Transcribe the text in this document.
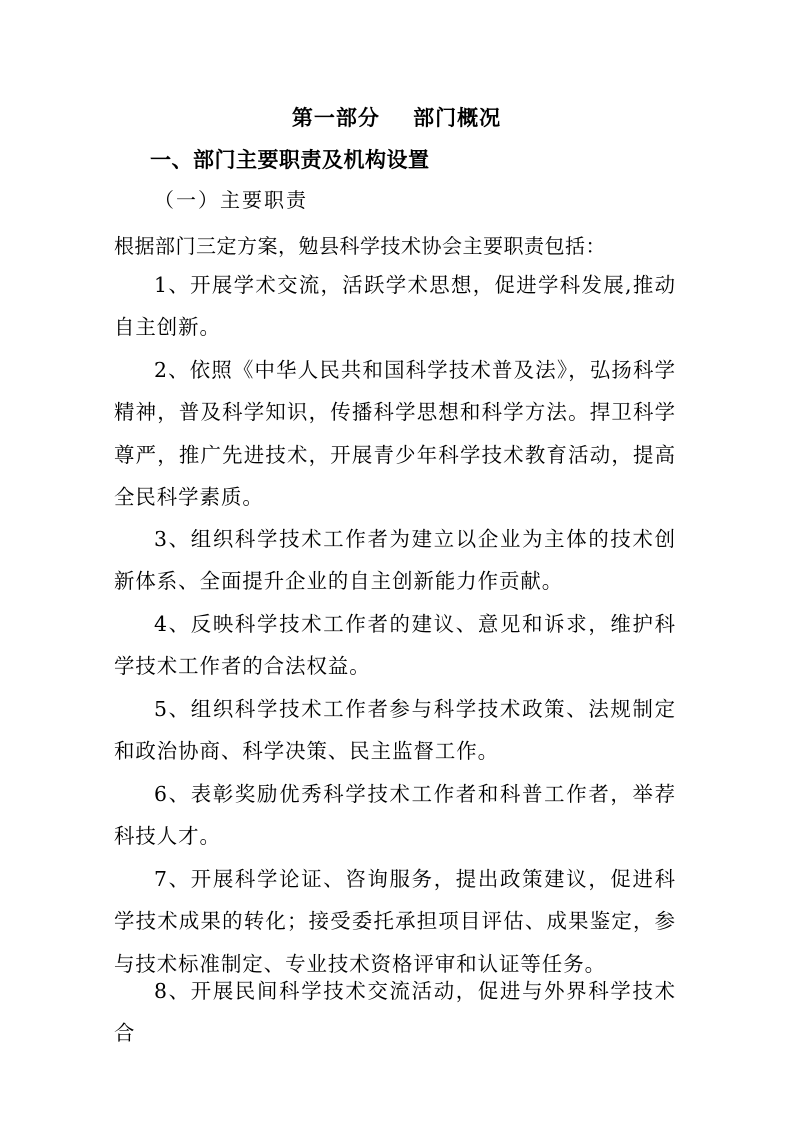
第一部分    部门概况
一、部门主要职责及机构设置
（一）主要职责
根据部门三定方案，勉县科学技术协会主要职责包括：
1、开展学术交流，活跃学术思想，促进学科发展,推动自主创新。
2、依照《中华人民共和国科学技术普及法》，弘扬科学精神，普及科学知识，传播科学思想和科学方法。捍卫科学尊严，推广先进技术，开展青少年科学技术教育活动，提高全民科学素质。
3、组织科学技术工作者为建立以企业为主体的技术创新体系、全面提升企业的自主创新能力作贡献。
4、反映科学技术工作者的建议、意见和诉求，维护科学技术工作者的合法权益。
5、组织科学技术工作者参与科学技术政策、法规制定和政治协商、科学决策、民主监督工作。
6、表彰奖励优秀科学技术工作者和科普工作者，举荐科技人才。
7、开展科学论证、咨询服务，提出政策建议，促进科学技术成果的转化；接受委托承担项目评估、成果鉴定，参与技术标准制定、专业技术资格评审和认证等任务。
8、开展民间科学技术交流活动，促进与外界科学技术合
